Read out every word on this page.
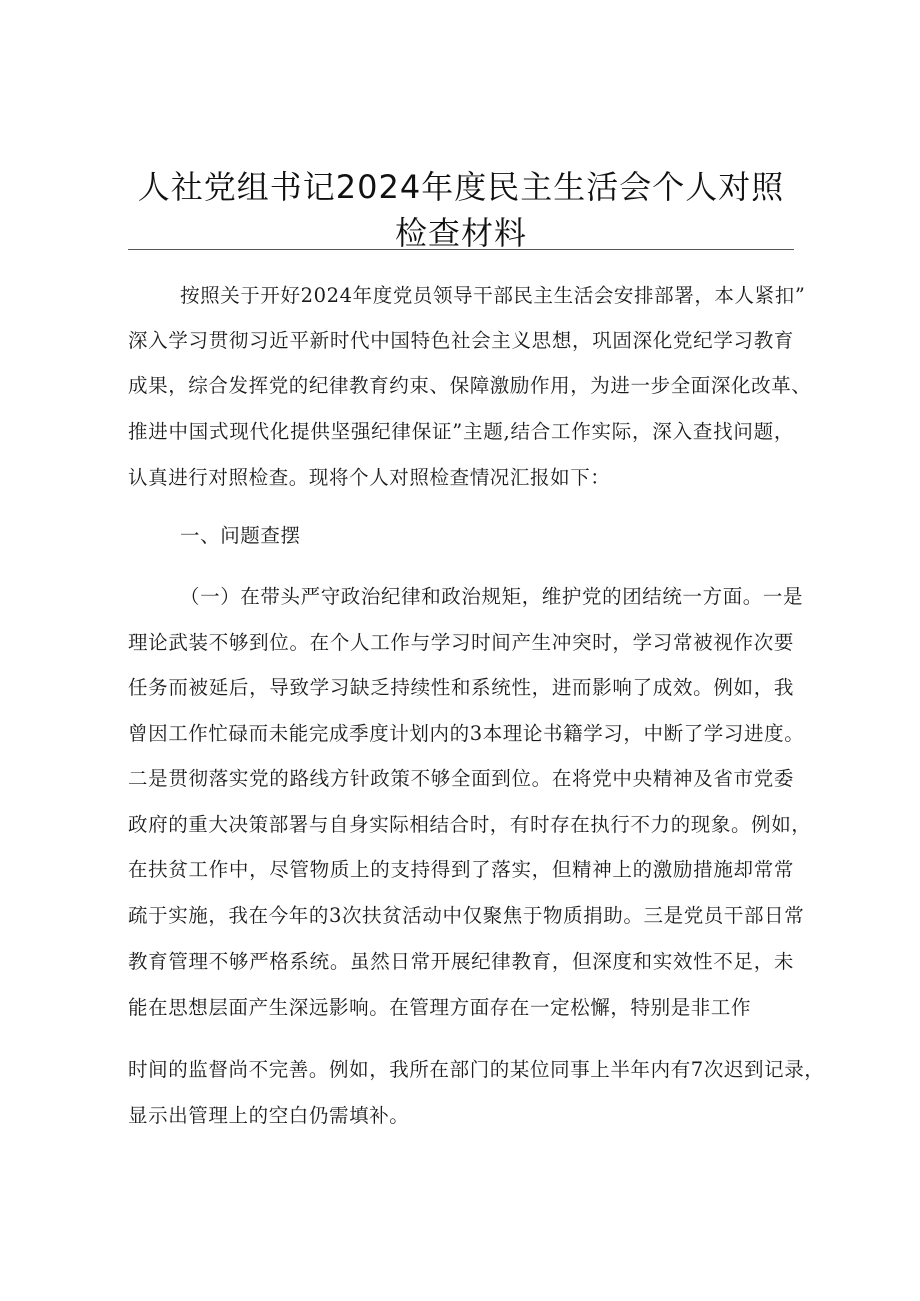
人社党组书记2024年度民主生活会个人对照
检查材料
按照关于开好2024年度党员领导干部民主生活会安排部署，本人紧扣”
深入学习贯彻习近平新时代中国特色社会主义思想，巩固深化党纪学习教育
成果，综合发挥党的纪律教育约束、保障激励作用，为进一步全面深化改革、
推进中国式现代化提供坚强纪律保证”主题,结合工作实际，深入查找问题，
认真进行对照检查。现将个人对照检查情况汇报如下：
一、问题查摆
（一）在带头严守政治纪律和政治规矩，维护党的团结统一方面。一是
理论武装不够到位。在个人工作与学习时间产生冲突时，学习常被视作次要
任务而被延后，导致学习缺乏持续性和系统性，进而影响了成效。例如，我
曾因工作忙碌而未能完成季度计划内的3本理论书籍学习，中断了学习进度。
二是贯彻落实党的路线方针政策不够全面到位。在将党中央精神及省市党委
政府的重大决策部署与自身实际相结合时，有时存在执行不力的现象。例如，
在扶贫工作中，尽管物质上的支持得到了落实，但精神上的激励措施却常常
疏于实施，我在今年的3次扶贫活动中仅聚焦于物质捐助。三是党员干部日常
教育管理不够严格系统。虽然日常开展纪律教育，但深度和实效性不足，未
能在思想层面产生深远影响。在管理方面存在一定松懈，特别是非工作
时间的监督尚不完善。例如，我所在部门的某位同事上半年内有7次迟到记录，
显示出管理上的空白仍需填补。
